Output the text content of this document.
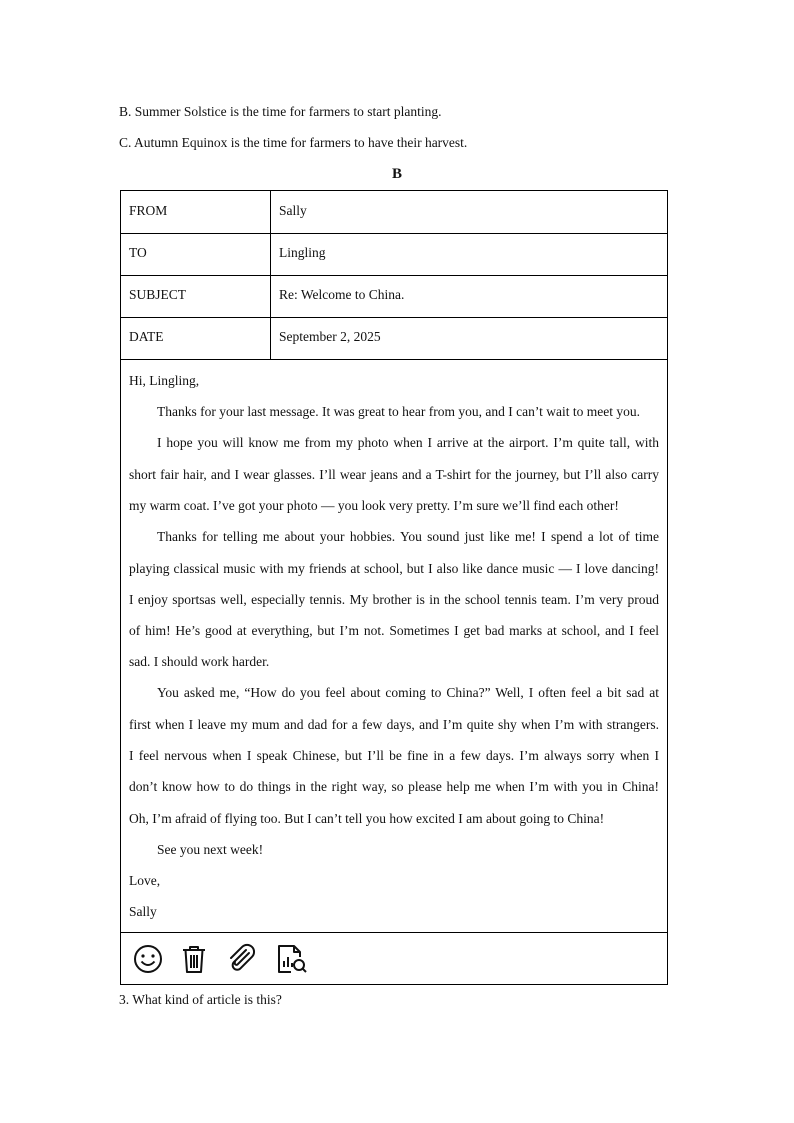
B. Summer Solstice is the time for farmers to start planting.
C. Autumn Equinox is the time for farmers to have their harvest.
B
FROM	Sally
TO	Lingling
SUBJECT	Re: Welcome to China.
DATE	September 2, 2025
Hi, Lingling,
Thanks for your last message. It was great to hear from you, and I can’t wait to meet you.
I hope you will know me from my photo when I arrive at the airport. I’m quite tall, with
short fair hair, and I wear glasses. I’ll wear jeans and a T-shirt for the journey, but I’ll also carry
my warm coat. I’ve got your photo — you look very pretty. I’m sure we’ll find each other!
Thanks for telling me about your hobbies. You sound just like me! I spend a lot of time
playing classical music with my friends at school, but I also like dance music — I love dancing!
I enjoy sportsas well, especially tennis. My brother is in the school tennis team. I’m very proud
of him! He’s good at everything, but I’m not. Sometimes I get bad marks at school, and I feel
sad. I should work harder.
You asked me, “How do you feel about coming to China?” Well, I often feel a bit sad at
first when I leave my mum and dad for a few days, and I’m quite shy when I’m with strangers.
I feel nervous when I speak Chinese, but I’ll be fine in a few days. I’m always sorry when I
don’t know how to do things in the right way, so please help me when I’m with you in China!
Oh, I’m afraid of flying too. But I can’t tell you how excited I am about going to China!
See you next week!
Love,
Sally
3. What kind of article is this?
